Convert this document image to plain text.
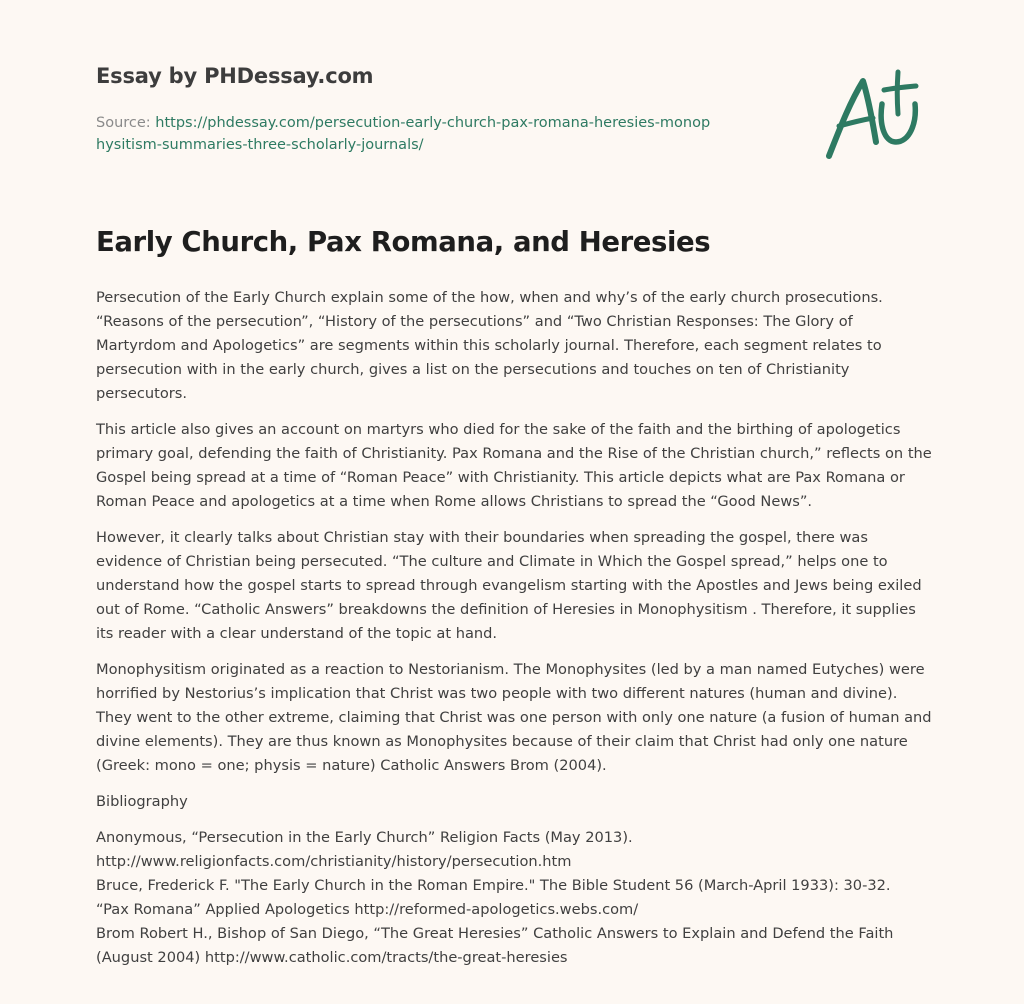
Essay by PHDessay.com
Source: https://phdessay.com/persecution-early-church-pax-romana-heresies-monophysitism-summaries-three-scholarly-journals/
Early Church, Pax Romana, and Heresies

Persecution of the Early Church explain some of the how, when and why’s of the early church prosecutions. “Reasons of the persecution”, “History of the persecutions” and “Two Christian Responses: The Glory of Martyrdom and Apologetics” are segments within this scholarly journal. Therefore, each segment relates to persecution with in the early church, gives a list on the persecutions and touches on ten of Christianity persecutors.

This article also gives an account on martyrs who died for the sake of the faith and the birthing of apologetics primary goal, defending the faith of Christianity. Pax Romana and the Rise of the Christian church,” reflects on the Gospel being spread at a time of “Roman Peace” with Christianity. This article depicts what are Pax Romana or Roman Peace and apologetics at a time when Rome allows Christians to spread the “Good News”.

However, it clearly talks about Christian stay with their boundaries when spreading the gospel, there was evidence of Christian being persecuted. “The culture and Climate in Which the Gospel spread,” helps one to understand how the gospel starts to spread through evangelism starting with the Apostles and Jews being exiled out of Rome. “Catholic Answers” breakdowns the definition of Heresies in Monophysitism . Therefore, it supplies its reader with a clear understand of the topic at hand.

Monophysitism originated as a reaction to Nestorianism. The Monophysites (led by a man named Eutyches) were horrified by Nestorius’s implication that Christ was two people with two different natures (human and divine). They went to the other extreme, claiming that Christ was one person with only one nature (a fusion of human and divine elements). They are thus known as Monophysites because of their claim that Christ had only one nature (Greek: mono = one; physis = nature) Catholic Answers Brom (2004).

Bibliography

Anonymous, “Persecution in the Early Church” Religion Facts (May 2013).
http://www.religionfacts.com/christianity/history/persecution.htm
Bruce, Frederick F. "The Early Church in the Roman Empire." The Bible Student 56 (March-April 1933): 30-32.
“Pax Romana” Applied Apologetics http://reformed-apologetics.webs.com/
Brom Robert H., Bishop of San Diego, “The Great Heresies” Catholic Answers to Explain and Defend the Faith (August 2004) http://www.catholic.com/tracts/the-great-heresies
